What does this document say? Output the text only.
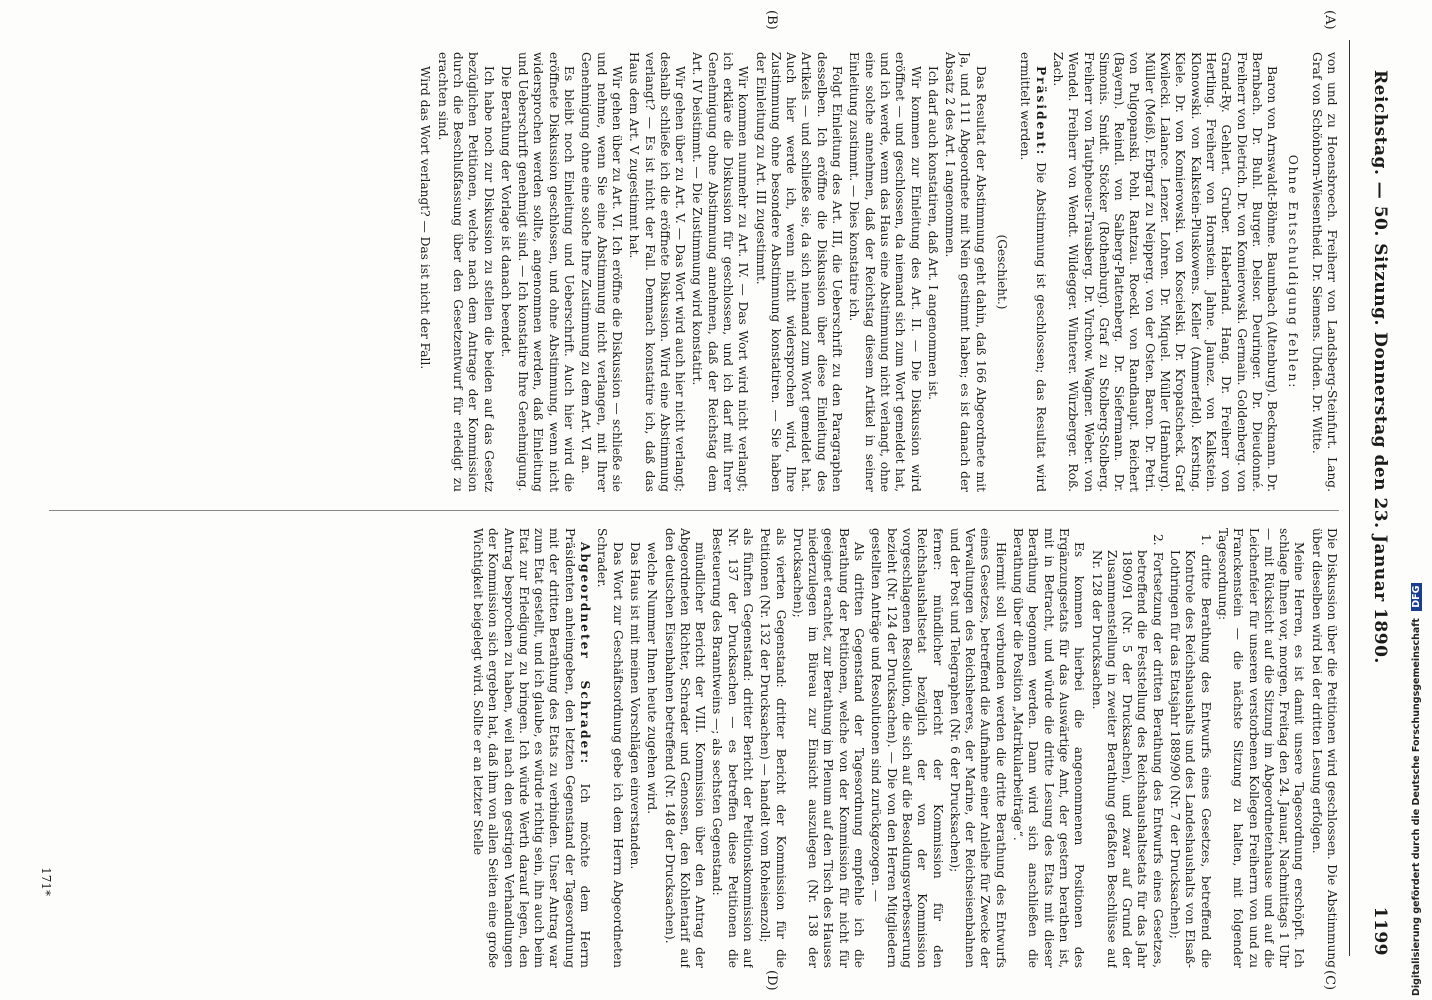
Reichstag. — 50. Sitzung.
Donnerstag den 23. Januar 1890.
1199
(A)
(B)
(C)
(D)

von und zu Hoensbroech. Freiherr von Landsberg-Steinfurt. Lang. Graf von Schönborn-Wiesentheid. Dr. Siemens. Uhden. Dr. Witte.

Ohne Entschuldigung fehlen:

Baron von Arnswaldt-Böhme. Baumbach (Altenburg). Beckmann. Dr. Bernbach. Dr. Buhl. Burger. Delsor. Deuringer. Dr. Dieudonné. Freiherr von Dietrich. Dr. von Komierowski. Germain. Goldenberg. von Grand-Ry. Gehlert. Gruber. Haberland. Hang. Dr. Freiherr von Hertling. Freiherr von Hornstein. Jahne. Jaunez. von Kalkstein. Klonowski. von Kalkstein-Pluskowens. Keller (Ammerfeld). Kersting. Kiele. Dr. von Komierowski. von Koscielski. Dr. Kropatscheck. Graf Kwilecki. Lalance. Lenzer. Lohren. Dr. Miquel. Müller (Hamburg). Müller (Meiß). Erbgraf zu Neipperg. von der Osten. Baron. Dr. Petri. von Pulgopanski. Pohl. Rantzau. Roeckl. von Randhaupt. Reichert (Bayern). Reindl. von Salberg-Plattenberg. Dr. Siefermann. Dr. Simonis. Smidt. Stöcker (Rothenburg). Graf zu Stolberg-Stolberg. Freiherr von Tautphoeus-Trausberg. Dr. Virchow. Wagner. Weber. von Wendel. Freiherr von Wendt. Wildegger. Winterer. Würzberger. Roß. Zach.

Präsident: Die Abstimmung ist geschlossen; das Resultat wird ermittelt werden.

(Geschieht.)

Das Resultat der Abstimmung geht dahin, daß 166 Abgeordnete mit Ja, und 111 Abgeordnete mit Nein gestimmt haben; es ist danach der Absatz 2 des Art. I angenommen.

Ich darf auch konstatiren, daß Art. I angenommen ist.

Wir kommen zur Einleitung des Art. II. — Die Diskussion wird eröffnet — und geschlossen, da niemand sich zum Wort gemeldet hat, und ich werde, wenn das Haus eine Abstimmung nicht verlangt, ohne eine solche annehmen, daß der Reichstag diesem Artikel in seiner Einleitung zustimmt. — Dies konstatire ich.

Folgt Einleitung des Art. III, die Ueberschrift zu den Paragraphen desselben. Ich eröffne die Diskussion über diese Einleitung des Artikels — und schließe sie, da sich niemand zum Wort gemeldet hat. Auch hier werde ich, wenn nicht widersprochen wird, Ihre Zustimmung ohne besondere Abstimmung konstatiren. — Sie haben der Einleitung zu Art. III zugestimmt.

Wir kommen nunmehr zu Art. IV. — Das Wort wird nicht verlangt; ich erkläre die Diskussion für geschlossen, und ich darf mit Ihrer Genehmigung ohne Abstimmung annehmen, daß der Reichstag dem Art. IV beistimmt. — Die Zustimmung wird konstatirt.

Wir gehen über zu Art. V. — Das Wort wird auch hier nicht verlangt; deshalb schließe ich die eröffnete Diskussion. Wird eine Abstimmung verlangt? — Es ist nicht der Fall. Demnach konstatire ich, daß das Haus dem Art. V zugestimmt hat.

Wir gehen über zu Art. VI. Ich eröffne die Diskussion — schließe sie und nehme, wenn Sie eine Abstimmung nicht verlangen, mit Ihrer Genehmigung ohne eine solche Ihre Zustimmung zu dem Art. VI an.

Es bleibt noch Einleitung und Ueberschrift. Auch hier wird die eröffnete Diskussion geschlossen, und ohne Abstimmung, wenn nicht widersprochen werden sollte, angenommen werden, daß Einleitung und Ueberschrift genehmigt sind. — Ich konstatire Ihre Genehmigung.

Die Berathung der Vorlage ist danach beendet.

Ich habe noch zur Diskussion zu stellen die beiden auf das Gesetz bezüglichen Petitionen, welche nach dem Antrage der Kommission durch die Beschlußfassung über den Gesetzentwurf für erledigt zu erachten sind.

Wird das Wort verlangt? — Das ist nicht der Fall.

Die Diskussion über die Petitionen wird geschlossen. Die Abstimmung über dieselben wird bei der dritten Lesung erfolgen.

Meine Herren, es ist damit unsere Tagesordnung erschöpft. Ich schlage Ihnen vor, morgen, Freitag den 24. Januar, Nachmittags 1 Uhr — mit Rücksicht auf die Sitzung im Abgeordnetenhause und auf die Leichenfeier für unseren verstorbenen Kollegen Freiherrn von und zu Franckenstein — die nächste Sitzung zu halten, mit folgender Tagesordnung:

1. dritte Berathung des Entwurfs eines Gesetzes, betreffend die Kontrole des Reichshaushalts und des Landeshaushalts von Elsaß-Lothringen für das Etatsjahr 1889/90 (Nr. 7 der Drucksachen);

2. Fortsetzung der dritten Berathung des Entwurfs eines Gesetzes, betreffend die Feststellung des Reichshaushaltsetats für das Jahr 1890/91 (Nr. 5 der Drucksachen), und zwar auf Grund der Zusammenstellung in zweiter Berathung gefaßten Beschlüsse auf Nr. 128 der Drucksachen.

Es kommen hierbei die angenommenen Positionen des Ergänzungsetats für das Auswärtige Amt, der gestern berathen ist, mit in Betracht, und würde die dritte Lesung des Etats mit dieser Berathung begonnen werden. Dann wird sich anschließen die Berathung über die Position „Matrikularbeiträge“.

Hiermit soll verbunden werden die dritte Berathung des Entwurfs eines Gesetzes, betreffend die Aufnahme einer Anleihe für Zwecke der Verwaltungen des Reichsheeres, der Marine, der Reichseisenbahnen und der Post und Telegraphen (Nr. 6 der Drucksachen);

ferner: mündlicher Bericht der Kommission für den Reichshaushaltsetat bezüglich der von der Kommission vorgeschlagenen Resolution, die sich auf die Besoldungsverbesserung bezieht (Nr. 124 der Drucksachen). — Die von den Herren Mitgliedern gestellten Anträge und Resolutionen sind zurückgezogen. —

Als dritten Gegenstand der Tagesordnung empfehle ich die Berathung der Petitionen, welche von der Kommission für nicht für geeignet erachtet, zur Berathung im Plenum auf den Tisch des Hauses niederzulegen im Büreau zur Einsicht auszulegen (Nr. 138 der Drucksachen);

als vierten Gegenstand: dritter Bericht der Kommission für die Petitionen (Nr. 132 der Drucksachen) — handelt vom Roheisenzoll;

als fünften Gegenstand: dritter Bericht der Petitionskommission auf Nr. 137 der Drucksachen — es betreffen diese Petitionen die Besteuerung des Branntweins —; als sechsten Gegenstand:

mündlicher Bericht der VIII. Kommission über den Antrag der Abgeordneten Richter, Schrader und Genossen, den Kohlentarif auf den deutschen Eisenbahnen betreffend (Nr. 148 der Drucksachen).

welche Nummer Ihnen heute zugehen wird.

Das Haus ist mit meinen Vorschlägen einverstanden.

Das Wort zur Geschäftsordnung gebe ich dem Herrn Abgeordneten Schrader.

Abgeordneter Schrader: Ich möchte dem Herrn Präsidenten anheimgeben, den letzten Gegenstand der Tagesordnung mit der dritten Berathung des Etats zu verbinden. Unser Antrag war zum Etat gestellt, und ich glaube, es würde richtig sein, ihn auch beim Etat zur Erledigung zu bringen. Ich würde Werth darauf legen, den Antrag besprochen zu haben, weil nach den gestrigen Verhandlungen der Kommission sich ergeben hat, daß ihm von allen Seiten eine große Wichtigkeit beigelegt wird. Sollte er an letzter Stelle

171*	Digitalisierung gefördert durch die Deutsche Forschungsgemeinschaft DFG
